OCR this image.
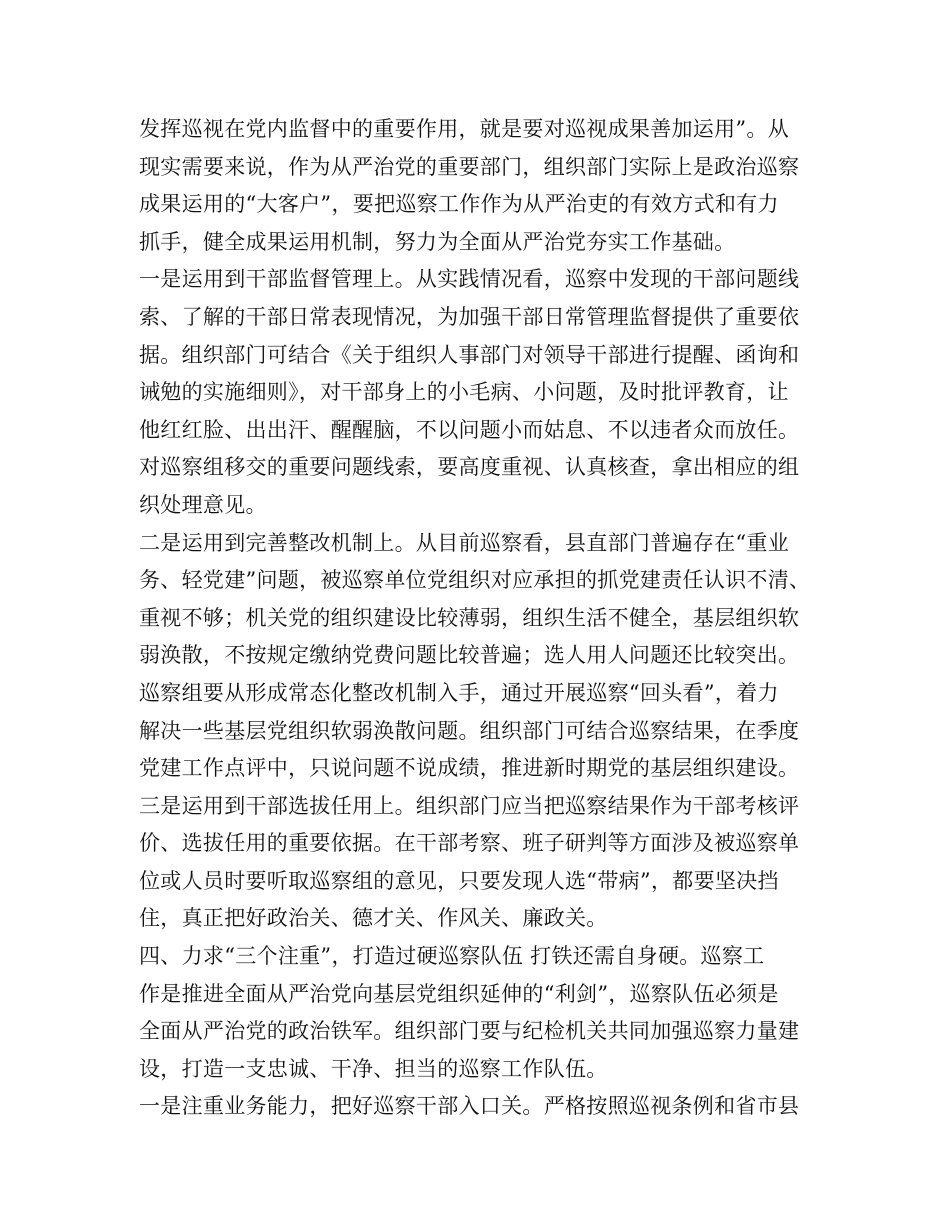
发挥巡视在党内监督中的重要作用，就是要对巡视成果善加运用”。从
现实需要来说，作为从严治党的重要部门，组织部门实际上是政治巡察
成果运用的“大客户”，要把巡察工作作为从严治吏的有效方式和有力
抓手，健全成果运用机制，努力为全面从严治党夯实工作基础。
一是运用到干部监督管理上。从实践情况看，巡察中发现的干部问题线
索、了解的干部日常表现情况，为加强干部日常管理监督提供了重要依
据。组织部门可结合《关于组织人事部门对领导干部进行提醒、函询和
诫勉的实施细则》，对干部身上的小毛病、小问题，及时批评教育，让
他红红脸、出出汗、醒醒脑，不以问题小而姑息、不以违者众而放任。
对巡察组移交的重要问题线索，要高度重视、认真核查，拿出相应的组
织处理意见。
二是运用到完善整改机制上。从目前巡察看，县直部门普遍存在“重业
务、轻党建”问题，被巡察单位党组织对应承担的抓党建责任认识不清、
重视不够；机关党的组织建设比较薄弱，组织生活不健全，基层组织软
弱涣散，不按规定缴纳党费问题比较普遍；选人用人问题还比较突出。
巡察组要从形成常态化整改机制入手，通过开展巡察“回头看”，着力
解决一些基层党组织软弱涣散问题。组织部门可结合巡察结果，在季度
党建工作点评中，只说问题不说成绩，推进新时期党的基层组织建设。
三是运用到干部选拔任用上。组织部门应当把巡察结果作为干部考核评
价、选拔任用的重要依据。在干部考察、班子研判等方面涉及被巡察单
位或人员时要听取巡察组的意见，只要发现人选“带病”，都要坚决挡
住，真正把好政治关、德才关、作风关、廉政关。
四、力求“三个注重”，打造过硬巡察队伍 打铁还需自身硬。巡察工
作是推进全面从严治党向基层党组织延伸的“利剑”，巡察队伍必须是
全面从严治党的政治铁军。组织部门要与纪检机关共同加强巡察力量建
设，打造一支忠诚、干净、担当的巡察工作队伍。
一是注重业务能力，把好巡察干部入口关。严格按照巡视条例和省市县
